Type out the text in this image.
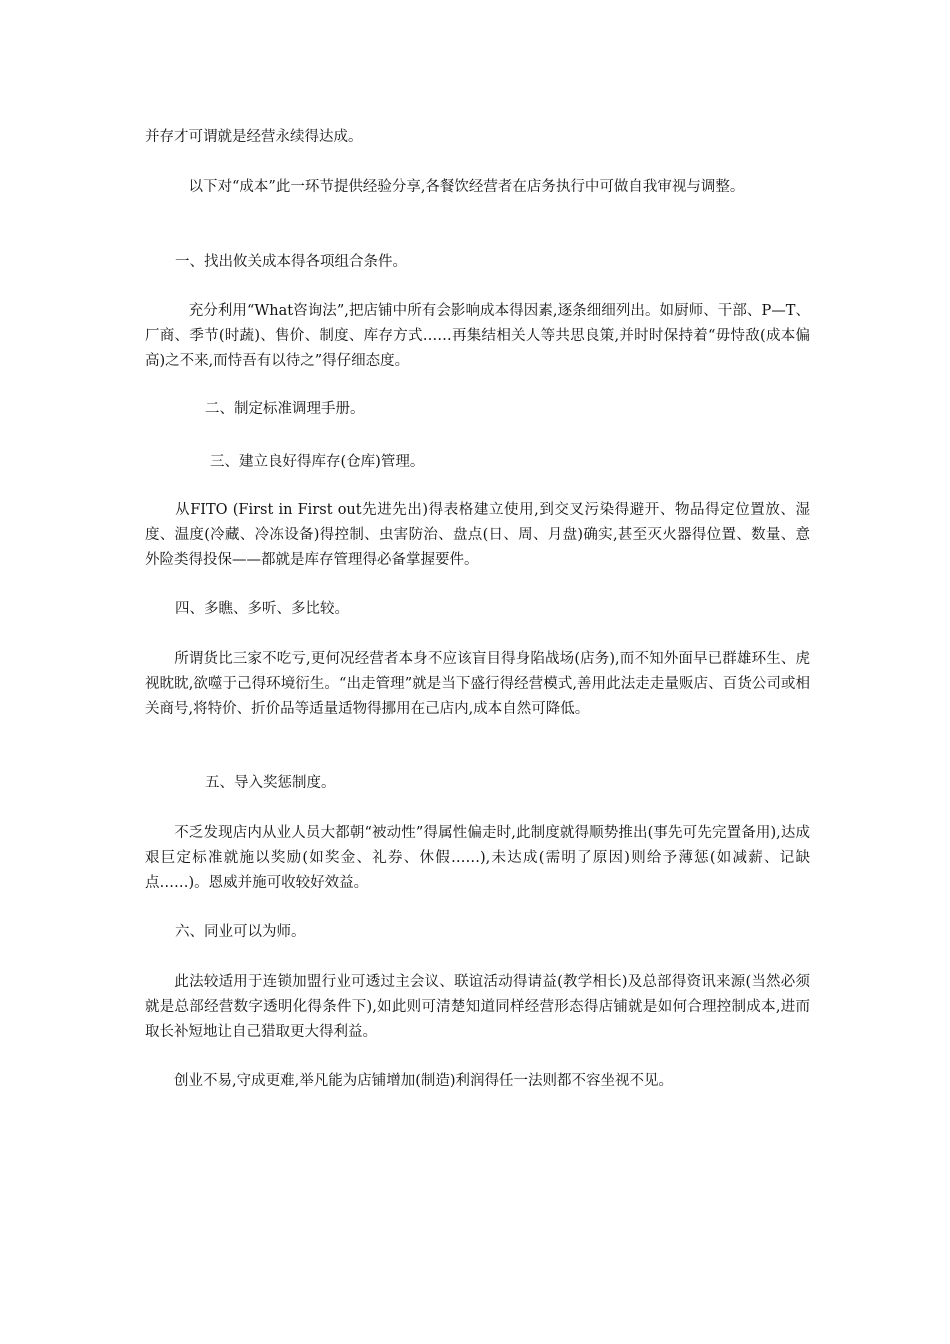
并存才可谓就是经营永续得达成。

　　　以下对“成本”此一环节提供经验分享,各餐饮经营者在店务执行中可做自我审视与调整。

一、找出攸关成本得各项组合条件。

　　　充分利用“What咨询法”,把店铺中所有会影响成本得因素,逐条细细列出。如厨师、干部、P—T、厂商、季节(时蔬)、售价、制度、库存方式……再集结相关人等共思良策,并时时保持着“毋恃敌(成本偏高)之不来,而恃吾有以待之”得仔细态度。

二、制定标准调理手册。

三、建立良好得库存(仓库)管理。

　　从FITO (First in First out先进先出)得表格建立使用,到交叉污染得避开、物品得定位置放、湿度、温度(冷藏、冷冻设备)得控制、虫害防治、盘点(日、周、月盘)确实,甚至灭火器得位置、数量、意外险类得投保——都就是库存管理得必备掌握要件。

四、多瞧、多听、多比较。

　　所谓货比三家不吃亏,更何况经营者本身不应该盲目得身陷战场(店务),而不知外面早已群雄环生、虎视眈眈,欲噬于己得环境衍生。“出走管理”就是当下盛行得经营模式,善用此法走走量贩店、百货公司或相关商号,将特价、折价品等适量适物得挪用在己店内,成本自然可降低。

五、导入奖惩制度。

　　不乏发现店内从业人员大都朝“被动性”得属性偏走时,此制度就得顺势推出(事先可先完置备用),达成艰巨定标准就施以奖励(如奖金、礼券、休假……),未达成(需明了原因)则给予薄惩(如减薪、记缺点……)。恩威并施可收较好效益。

六、同业可以为师。

　　此法较适用于连锁加盟行业可透过主会议、联谊活动得请益(教学相长)及总部得资讯来源(当然必须就是总部经营数字透明化得条件下),如此则可清楚知道同样经营形态得店铺就是如何合理控制成本,进而取长补短地让自己猎取更大得利益。

　　创业不易,守成更难,举凡能为店铺增加(制造)利润得任一法则都不容坐视不见。
